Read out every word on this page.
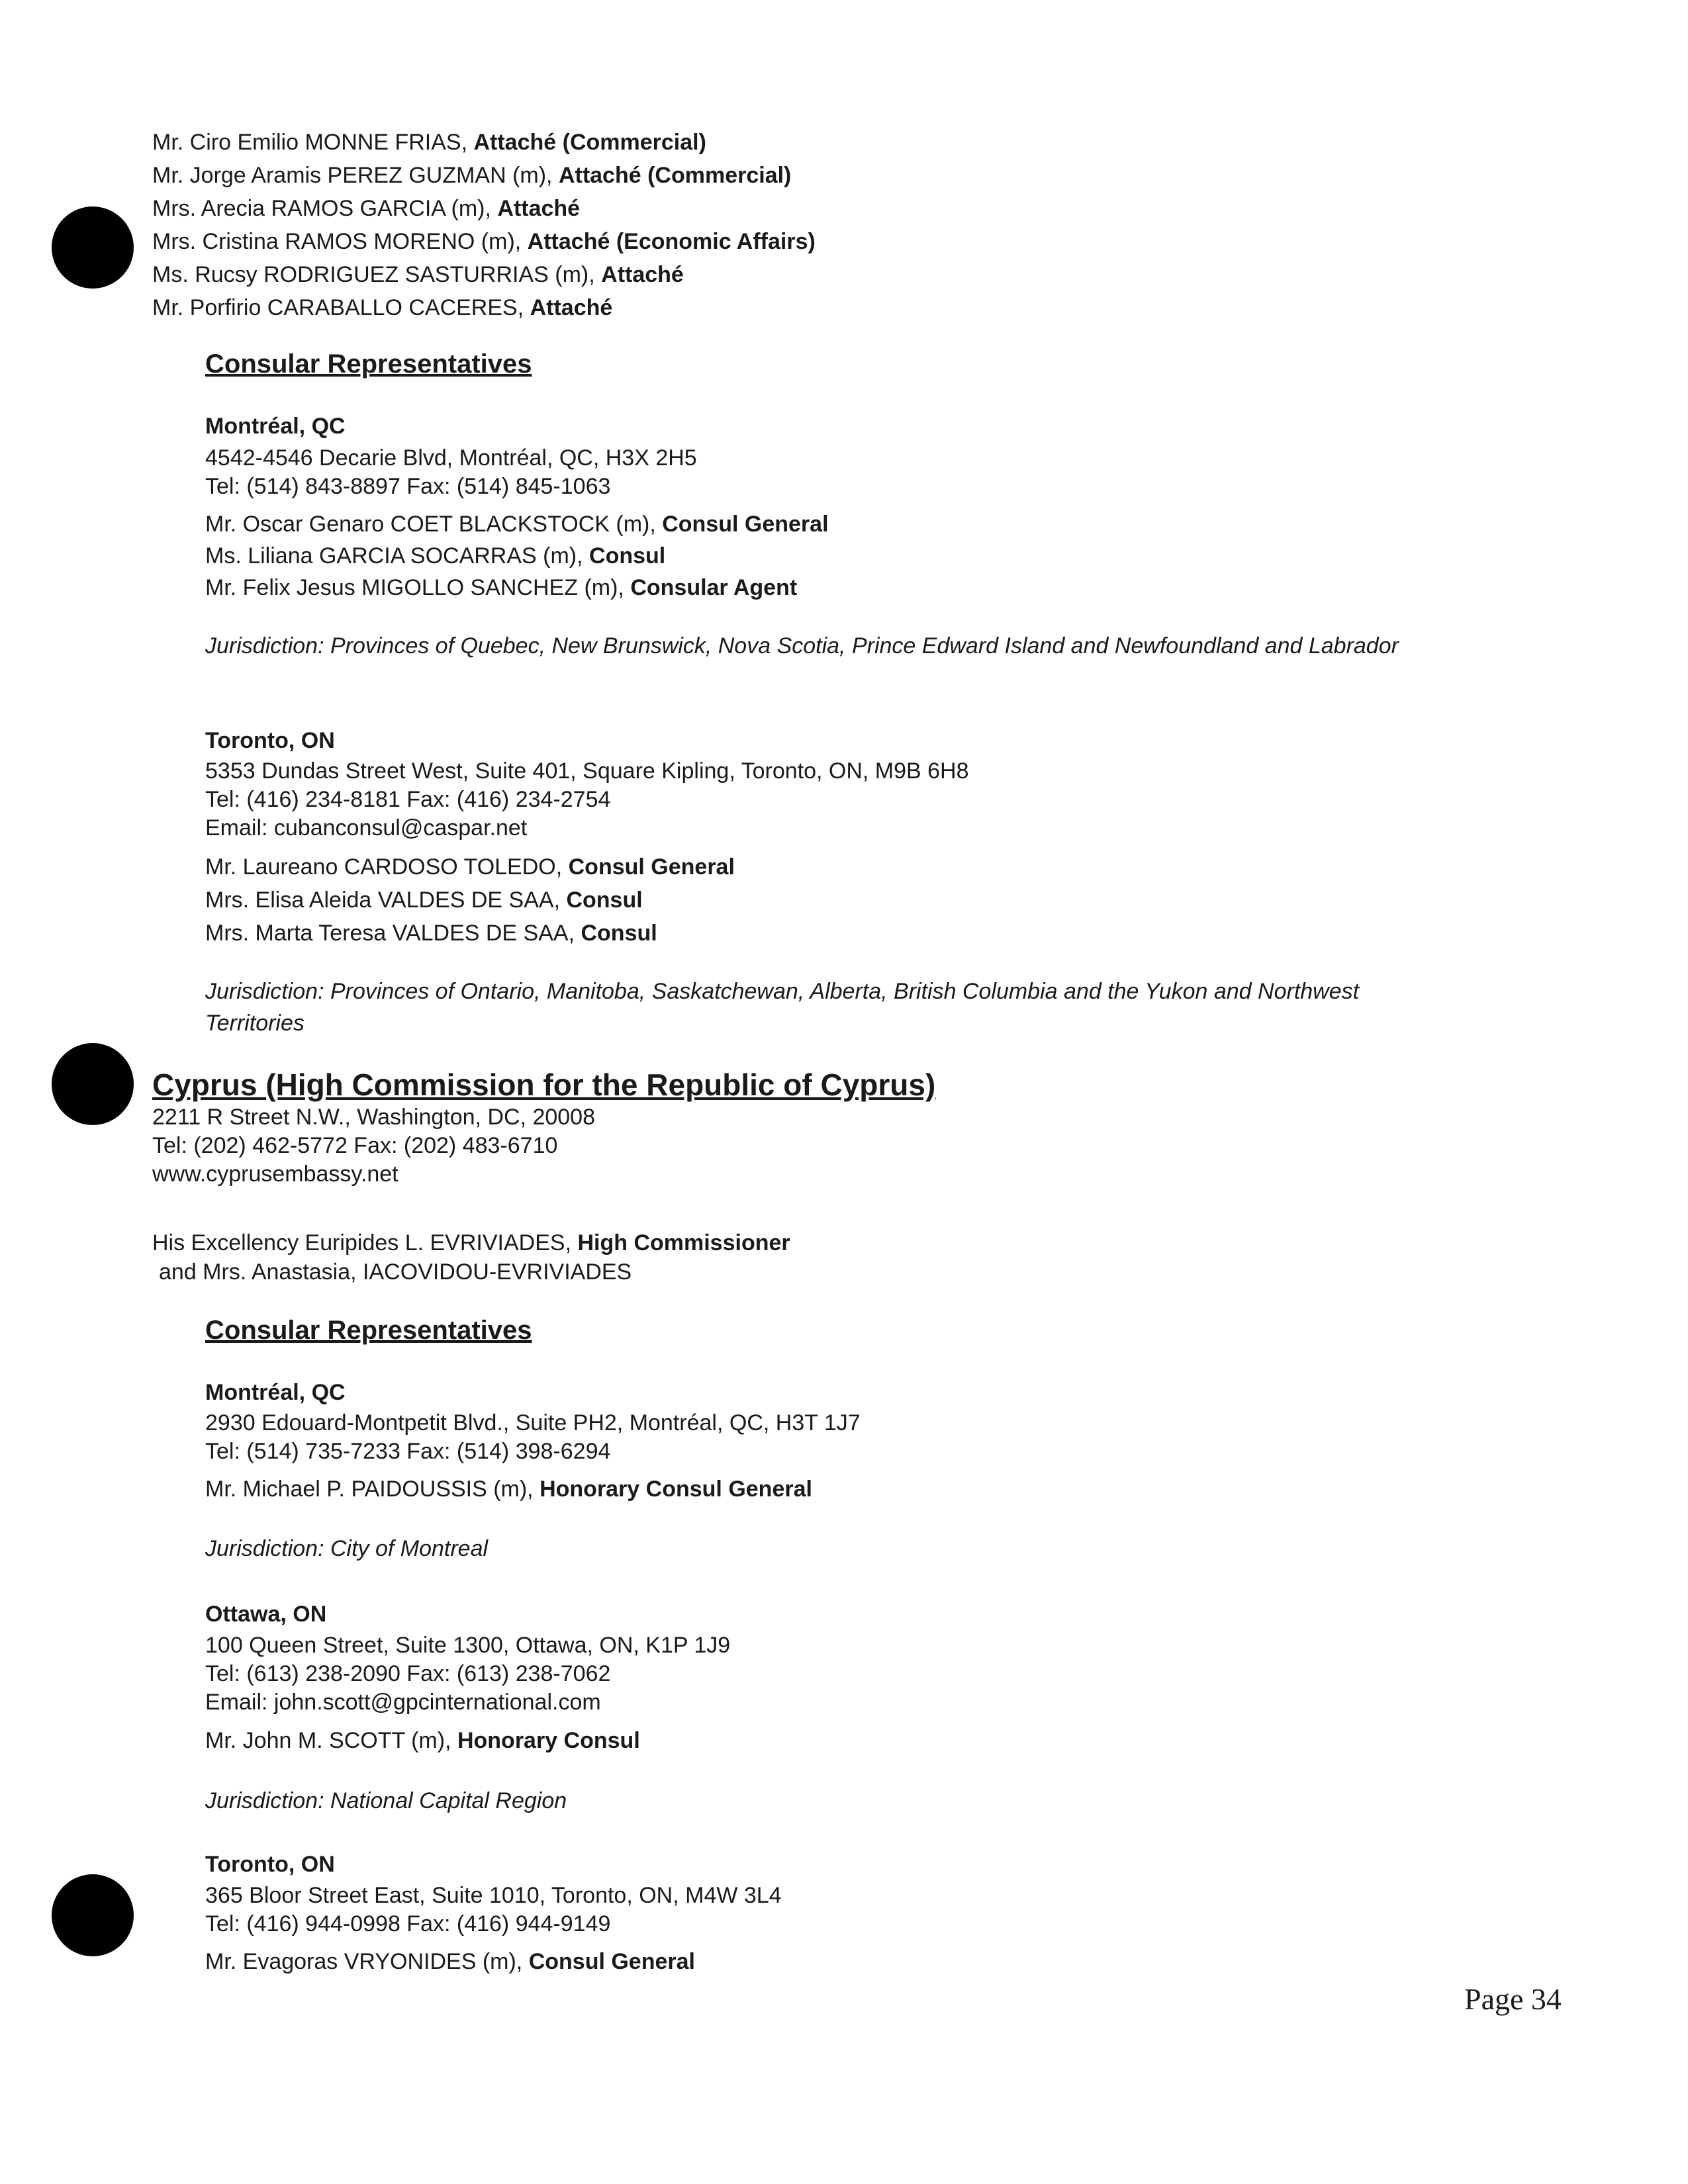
Mr. Ciro Emilio MONNE FRIAS, Attaché (Commercial)
Mr. Jorge Aramis PEREZ GUZMAN (m), Attaché (Commercial)
Mrs. Arecia RAMOS GARCIA (m), Attaché
Mrs. Cristina RAMOS MORENO (m), Attaché (Economic Affairs)
Ms. Rucsy RODRIGUEZ SASTURRIAS (m), Attaché
Mr. Porfirio CARABALLO CACERES, Attaché
Consular Representatives
Montréal, QC
4542-4546 Decarie Blvd, Montréal, QC, H3X 2H5
Tel: (514) 843-8897 Fax: (514) 845-1063
Mr. Oscar Genaro COET BLACKSTOCK (m), Consul General
Ms. Liliana GARCIA SOCARRAS (m), Consul
Mr. Felix Jesus MIGOLLO SANCHEZ (m), Consular Agent
Jurisdiction: Provinces of Quebec, New Brunswick, Nova Scotia, Prince Edward Island and Newfoundland and Labrador
Toronto, ON
5353 Dundas Street West, Suite 401, Square Kipling, Toronto, ON, M9B 6H8
Tel: (416) 234-8181 Fax: (416) 234-2754
Email: cubanconsul@caspar.net
Mr. Laureano CARDOSO TOLEDO, Consul General
Mrs. Elisa Aleida VALDES DE SAA, Consul
Mrs. Marta Teresa VALDES DE SAA, Consul
Jurisdiction: Provinces of Ontario, Manitoba, Saskatchewan, Alberta, British Columbia and the Yukon and Northwest
Territories
Cyprus (High Commission for the Republic of Cyprus)
2211 R Street N.W., Washington, DC, 20008
Tel: (202) 462-5772 Fax: (202) 483-6710
www.cyprusembassy.net
His Excellency Euripides L. EVRIVIADES, High Commissioner
and Mrs. Anastasia, IACOVIDOU-EVRIVIADES
Consular Representatives
Montréal, QC
2930 Edouard-Montpetit Blvd., Suite PH2, Montréal, QC, H3T 1J7
Tel: (514) 735-7233 Fax: (514) 398-6294
Mr. Michael P. PAIDOUSSIS (m), Honorary Consul General
Jurisdiction: City of Montreal
Ottawa, ON
100 Queen Street, Suite 1300, Ottawa, ON, K1P 1J9
Tel: (613) 238-2090 Fax: (613) 238-7062
Email: john.scott@gpcinternational.com
Mr. John M. SCOTT (m), Honorary Consul
Jurisdiction: National Capital Region
Toronto, ON
365 Bloor Street East, Suite 1010, Toronto, ON, M4W 3L4
Tel: (416) 944-0998 Fax: (416) 944-9149
Mr. Evagoras VRYONIDES (m), Consul General
Page 34
